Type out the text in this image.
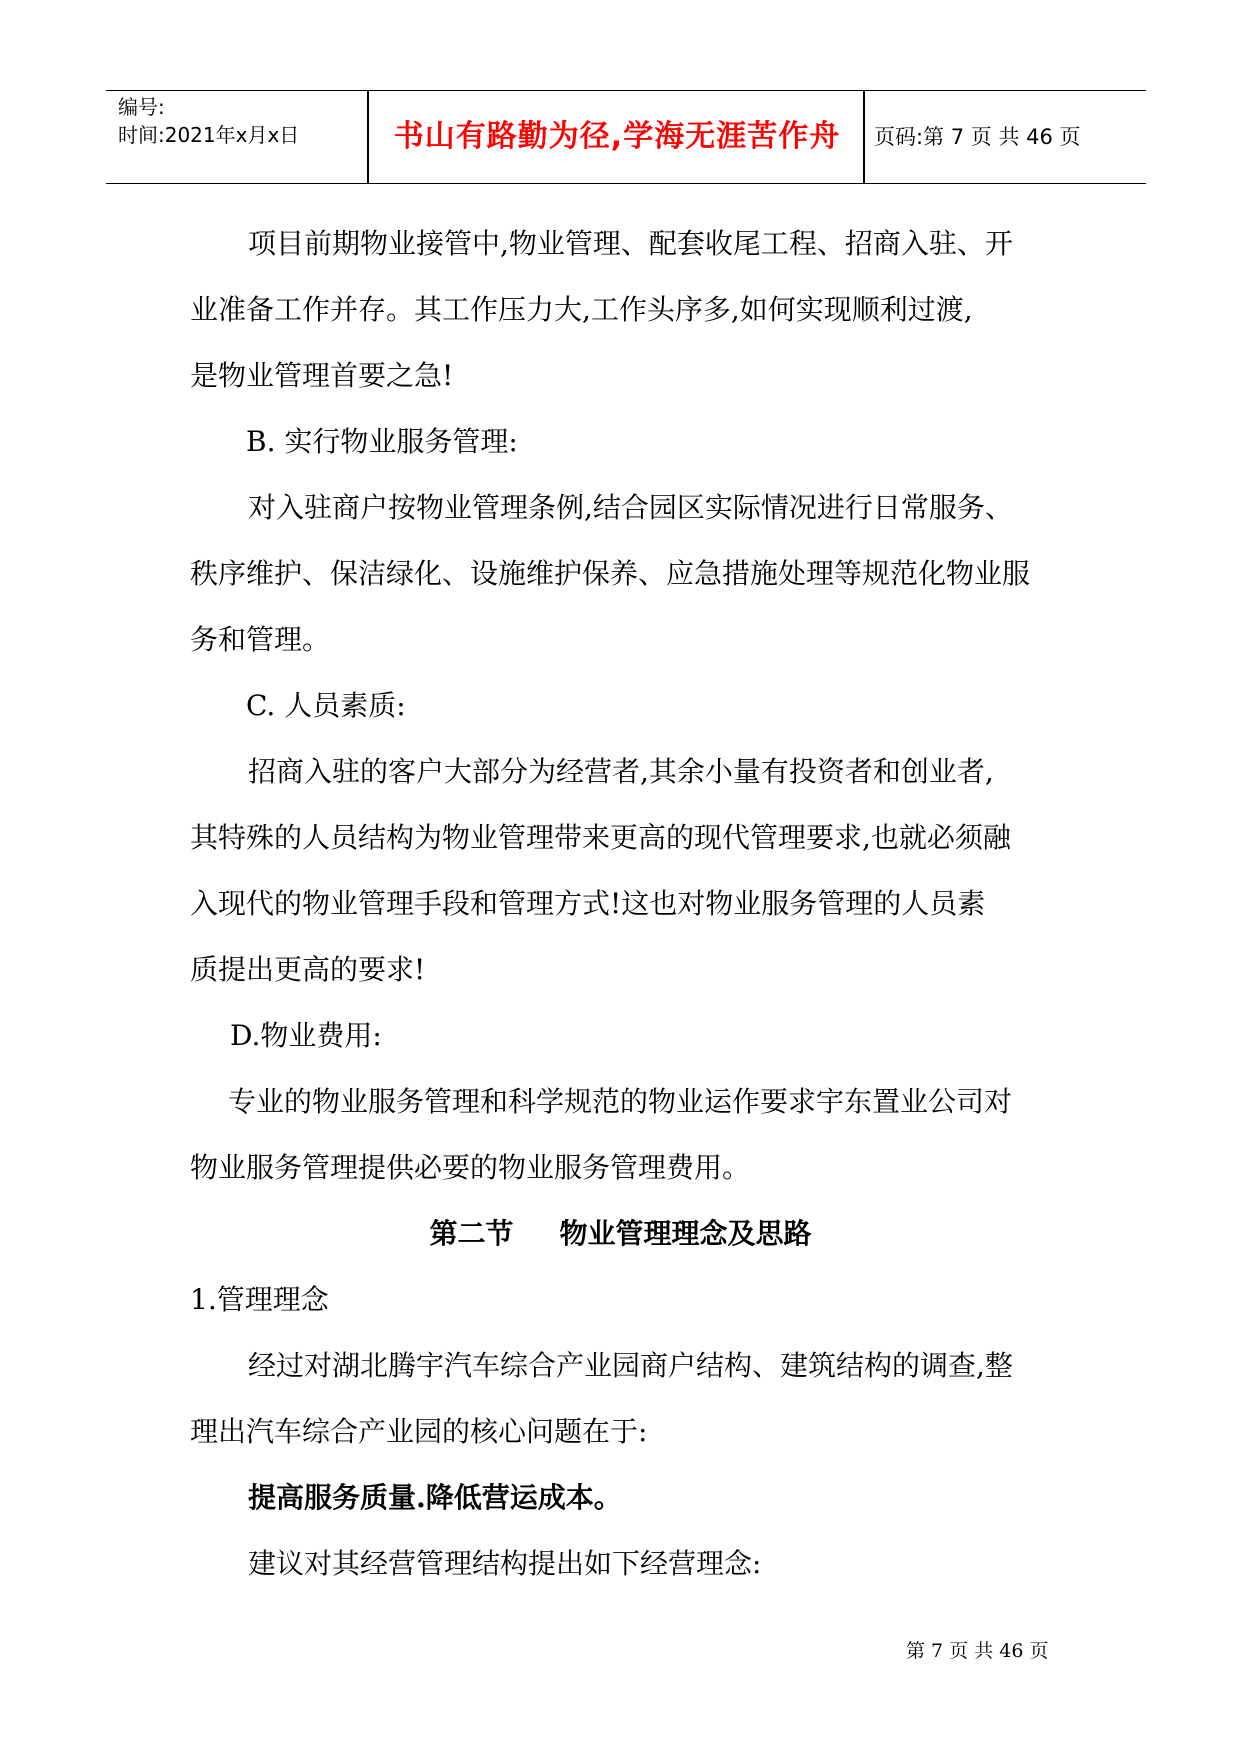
编号:
时间:2021年x月x日	书山有路勤为径,学海无涯苦作舟	页码:第 7 页 共 46 页
项目前期物业接管中,物业管理、配套收尾工程、招商入驻、开
业准备工作并存。其工作压力大,工作头序多,如何实现顺利过渡,
是物业管理首要之急!
B. 实行物业服务管理:
对入驻商户按物业管理条例,结合园区实际情况进行日常服务、
秩序维护、保洁绿化、设施维护保养、应急措施处理等规范化物业服
务和管理。
C. 人员素质:
招商入驻的客户大部分为经营者,其余小量有投资者和创业者,
其特殊的人员结构为物业管理带来更高的现代管理要求,也就必须融
入现代的物业管理手段和管理方式!这也对物业服务管理的人员素
质提出更高的要求!
D.物业费用:
专业的物业服务管理和科学规范的物业运作要求宇东置业公司对
物业服务管理提供必要的物业服务管理费用。
第二节 物业管理理念及思路
1.管理理念
经过对湖北腾宇汽车综合产业园商户结构、建筑结构的调查,整
理出汽车综合产业园的核心问题在于:
提高服务质量.降低营运成本。
建议对其经营管理结构提出如下经营理念:
第 7 页 共 46 页
